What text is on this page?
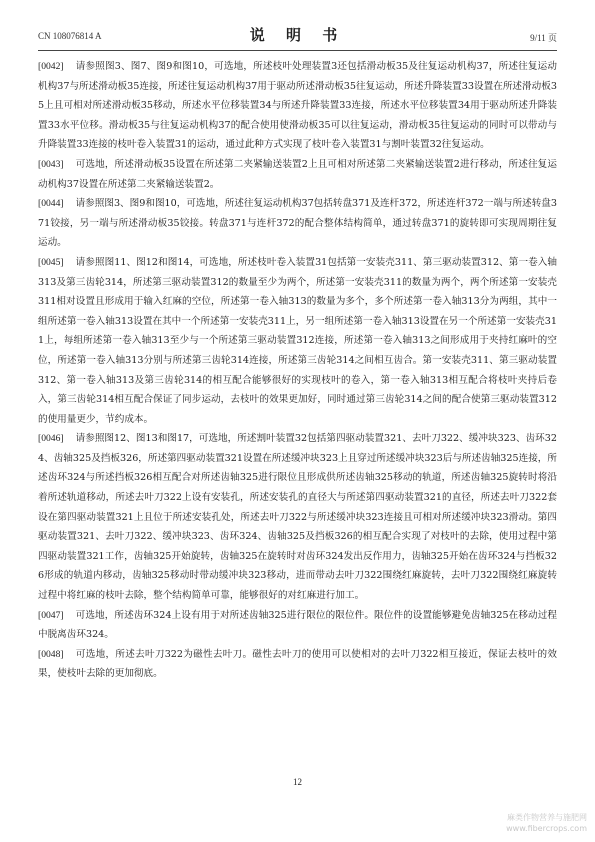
CN 108076814 A	说 明 书	9/11 页

[0042] 请参照图3、图7、图9和图10，可选地，所述枝叶处理装置3还包括滑动板35及往复运动机构37，所述往复运动机构37与所述滑动板35连接，所述往复运动机构37用于驱动所述滑动板35往复运动，所述升降装置33设置在所述滑动板35上且可相对所述滑动板35移动，所述水平位移装置34与所述升降装置33连接，所述水平位移装置34用于驱动所述升降装置33水平位移。滑动板35与往复运动机构37的配合使用使滑动板35可以往复运动，滑动板35往复运动的同时可以带动与升降装置33连接的枝叶卷入装置31的运动，通过此种方式实现了枝叶卷入装置31与割叶装置32往复运动。

[0043] 可选地，所述滑动板35设置在所述第二夹紧输送装置2上且可相对所述第二夹紧输送装置2进行移动，所述往复运动机构37设置在所述第二夹紧输送装置2。

[0044] 请参照图3、图9和图10，可选地，所述往复运动机构37包括转盘371及连杆372，所述连杆372一端与所述转盘371铰接，另一端与所述滑动板35铰接。转盘371与连杆372的配合整体结构简单，通过转盘371的旋转即可实现周期往复运动。

[0045] 请参照图11、图12和图14，可选地，所述枝叶卷入装置31包括第一安装壳311、第三驱动装置312、第一卷入轴313及第三齿轮314，所述第三驱动装置312的数量至少为两个，所述第一安装壳311的数量为两个，两个所述第一安装壳311相对设置且形成用于输入红麻的空位，所述第一卷入轴313的数量为多个，多个所述第一卷入轴313分为两组，其中一组所述第一卷入轴313设置在其中一个所述第一安装壳311上，另一组所述第一卷入轴313设置在另一个所述第一安装壳311上，每组所述第一卷入轴313至少与一个所述第三驱动装置312连接，所述第一卷入轴313之间形成用于夹持红麻叶的空位，所述第一卷入轴313分别与所述第三齿轮314连接，所述第三齿轮314之间相互齿合。第一安装壳311、第三驱动装置312、第一卷入轴313及第三齿轮314的相互配合能够很好的实现枝叶的卷入，第一卷入轴313相互配合将枝叶夹持后卷入，第三齿轮314相互配合保证了同步运动，去枝叶的效果更加好，同时通过第三齿轮314之间的配合使第三驱动装置312的使用量更少，节约成本。

[0046] 请参照图12、图13和图17，可选地，所述割叶装置32包括第四驱动装置321、去叶刀322、缓冲块323、齿环324、齿轴325及挡板326，所述第四驱动装置321设置在所述缓冲块323上且穿过所述缓冲块323后与所述齿轴325连接，所述齿环324与所述挡板326相互配合对所述齿轴325进行限位且形成供所述齿轴325移动的轨道，所述齿轴325旋转时将沿着所述轨道移动，所述去叶刀322上设有安装孔，所述安装孔的直径大与所述第四驱动装置321的直径，所述去叶刀322套设在第四驱动装置321上且位于所述安装孔处，所述去叶刀322与所述缓冲块323连接且可相对所述缓冲块323滑动。第四驱动装置321、去叶刀322、缓冲块323、齿环324、齿轴325及挡板326的相互配合实现了对枝叶的去除，使用过程中第四驱动装置321工作，齿轴325开始旋转，齿轴325在旋转时对齿环324发出反作用力，齿轴325开始在齿环324与挡板326形成的轨道内移动，齿轴325移动时带动缓冲块323移动，进而带动去叶刀322围绕红麻旋转，去叶刀322围绕红麻旋转过程中将红麻的枝叶去除，整个结构简单可靠，能够很好的对红麻进行加工。

[0047] 可选地，所述齿环324上设有用于对所述齿轴325进行限位的限位件。限位件的设置能够避免齿轴325在移动过程中脱离齿环324。

[0048] 可选地，所述去叶刀322为磁性去叶刀。磁性去叶刀的使用可以使相对的去叶刀322相互接近，保证去枝叶的效果，使枝叶去除的更加彻底。

12
麻类作物营养与施肥网
www.fibercrops.com
